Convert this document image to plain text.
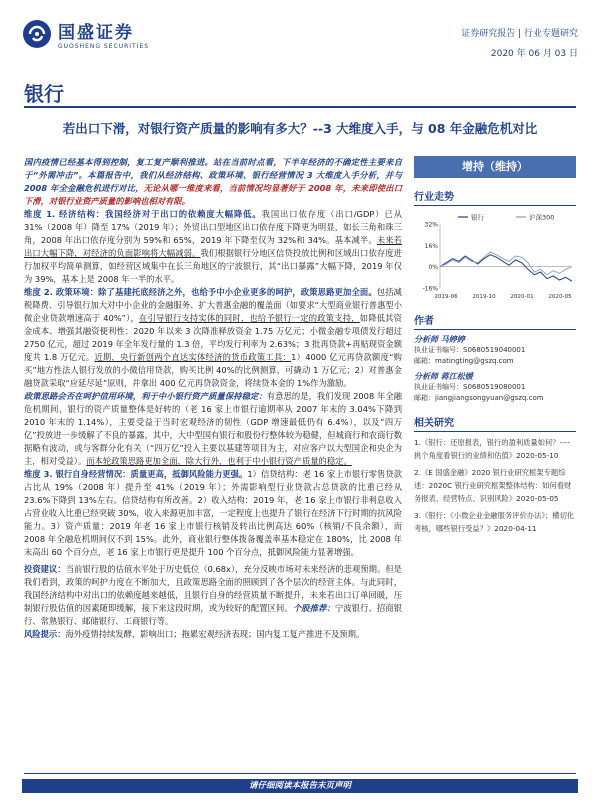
国盛证券
GUOSHENG SECURITIES
证券研究报告 | 行业专题研究
2020 年 06 月 03 日
银行
若出口下滑，对银行资产质量的影响有多大？--3 大维度入手，与 08 年金融危机对比

国内疫情已经基本得到控制，复工复产顺利推进。站在当前时点看，下半年经济的不确定性主要来自于“外需冲击”。本篇报告中，我们从经济结构、政策环境、银行经营情况 3 大维度入手分析，并与 2008 年全金融危机进行对比，无论从哪一维度来看，当前情况均显著好于 2008 年，未来即使出口下滑，对银行业资产质量的影响也相对有限。

维度 1. 经济结构：我国经济对于出口的依赖度大幅降低。我国出口依存度（出口/GDP）已从 31%（2008 年）降至 17%（2019 年）；外贸出口型地区出口依存度下降更为明显，如长三角和珠三角，2008 年出口依存度分别为 59%和 65%，2019 年下降至仅为 32%和 34%。基本减半。未来若出口大幅下降，对经济的负面影响将大幅减弱。我们根据银行分地区信贷投放比例和区域出口依存度进行加权平均简单测算，如经营区域集中在长三角地区的宁波银行，其“出口暴露”大幅下降，2019 年仅为 39%，基本上是 2008 年一半的水平。

维度 2. 政策环境：除了基建托底经济之外，也给予中小企业更多的呵护，政策思路更加全面。包括减税降费、引导银行加大对中小企业的金融服务、扩大普惠金融的覆盖面（如要求“大型商业银行普惠型小微企业贷款增速高于 40%”），在引导银行支持实体的同时，也给予银行一定的政策支持，如降低其资金成本、增强其融资便利性：2020 年以来 3 次降准释放资金 1.75 万亿元；小微金融专项债发行超过 2750 亿元，超过 2019 年全年发行量的 1.3 倍，平均发行利率为 2.63%；3 批再贷款+再贴现资金额度共 1.8 万亿元。近期，央行新创两个直达实体经济的货币政策工具：1）4000 亿元再贷款额度“购买”地方性法人银行发放的小微信用贷款，购买比例 40%的比例测算，可撬动 1 万亿元；2）对普惠金融贷款采取“应延尽延”原则，并拿出 400 亿元再贷款资金，将续贷本金的 1%作为激励。

政策思路会否在呵护信用环境，利于中小银行资产质量保持稳定：有意思的是，我们发现 2008 年全融危机期间，银行的资产质量整体是好转的（老 16 家上市银行逾期率从 2007 年末的 3.04%下降到 2010 年末的 1.14%），主要受益于当时宏观经济的韧性（GDP 增速最低仍有 6.4%），以及“四万亿”投放进一步缓解了不良的暴露，其中，大中型国有银行和股份行整体较为稳健，但城商行和农商行数据略有波动，或与客群分化有关（“四万亿”投入主要以基建等项目为主，对应客户以大型国企和央企为主，相对受益）。而本轮政策思路更加全面，除大行外，也利于中小银行资产质量的稳定。

维度 3. 银行自身经营情况：质量更高，抵御风险能力更强。1）信贷结构：老 16 家上市银行零售贷款占比从 19%（2008 年）提升至 41%（2019 年）；外需影响型行业贷款占总贷款的比重已经从 23.6%下降到 13%左右。信贷结构有所改善。2）收入结构：2019 年，老 16 家上市银行非利息收入占营业收入比重已经突破 30%，收入来源更加丰富，一定程度上也提升了银行在经济下行时期的抗风险能力。3）资产质量：2019 年老 16 家上市银行核销及转出比例高达 60%（核销/不良余额），而 2008 年全融危机期间仅不到 15%。此外，商业银行整体拨备覆盖率基本稳定在 180%，比 2008 年末高出 60 个百分点，老 16 家上市银行更是提升 100 个百分点，抵御风险能力显著增强。

投资建议：当前银行股的估值水平处于历史低位（0.68x），充分反映市场对未来经济的悲观预期。但是我们看到，政策的呵护力度在不断加大，且政策思路全面的照顾到了各个层次的经营主体。与此同时，我国经济结构中对出口的依赖度越来越低，且银行自身的经营质量不断提升，未来若出口订单回暖，压制银行股估值的因素随即缓解，接下来这段时期，或为较好的配置区间。个股推荐：宁波银行、招商银行、常熟银行、邮储银行、工商银行等。

风险提示：海外疫情持续发酵，影响出口；拖累宏观经济表现；国内复工复产推进不及预期。

增持（维持）
行业走势
32%
16%
0%
-16%
2019-06	2019-10	2020-01	2020-05
银行	沪深300
作者
分析师 马婷婷
执业证书编号：S0680519040001
邮箱：matingting@gszq.com
分析师 蒋江松媛
执业证书编号：S0680519080001
邮箱：jiangjiangsongyuan@gszq.com
相关研究
1.《银行：还原报表，银行的盈利质量如何？---- 挑个角度看银行的业绩和估值》2020-05-10
2.《E 国盛金融》2020 银行业研究框架专题综述：2020C 银行业研究框架整体结构：如何看财务报表、经营特点、识别风险》2020-05-05
3.《银行：《小微企业金融服务评价办法》；横切化考核，哪些银行受益？》2020-04-11
请仔细阅读本报告末页声明
